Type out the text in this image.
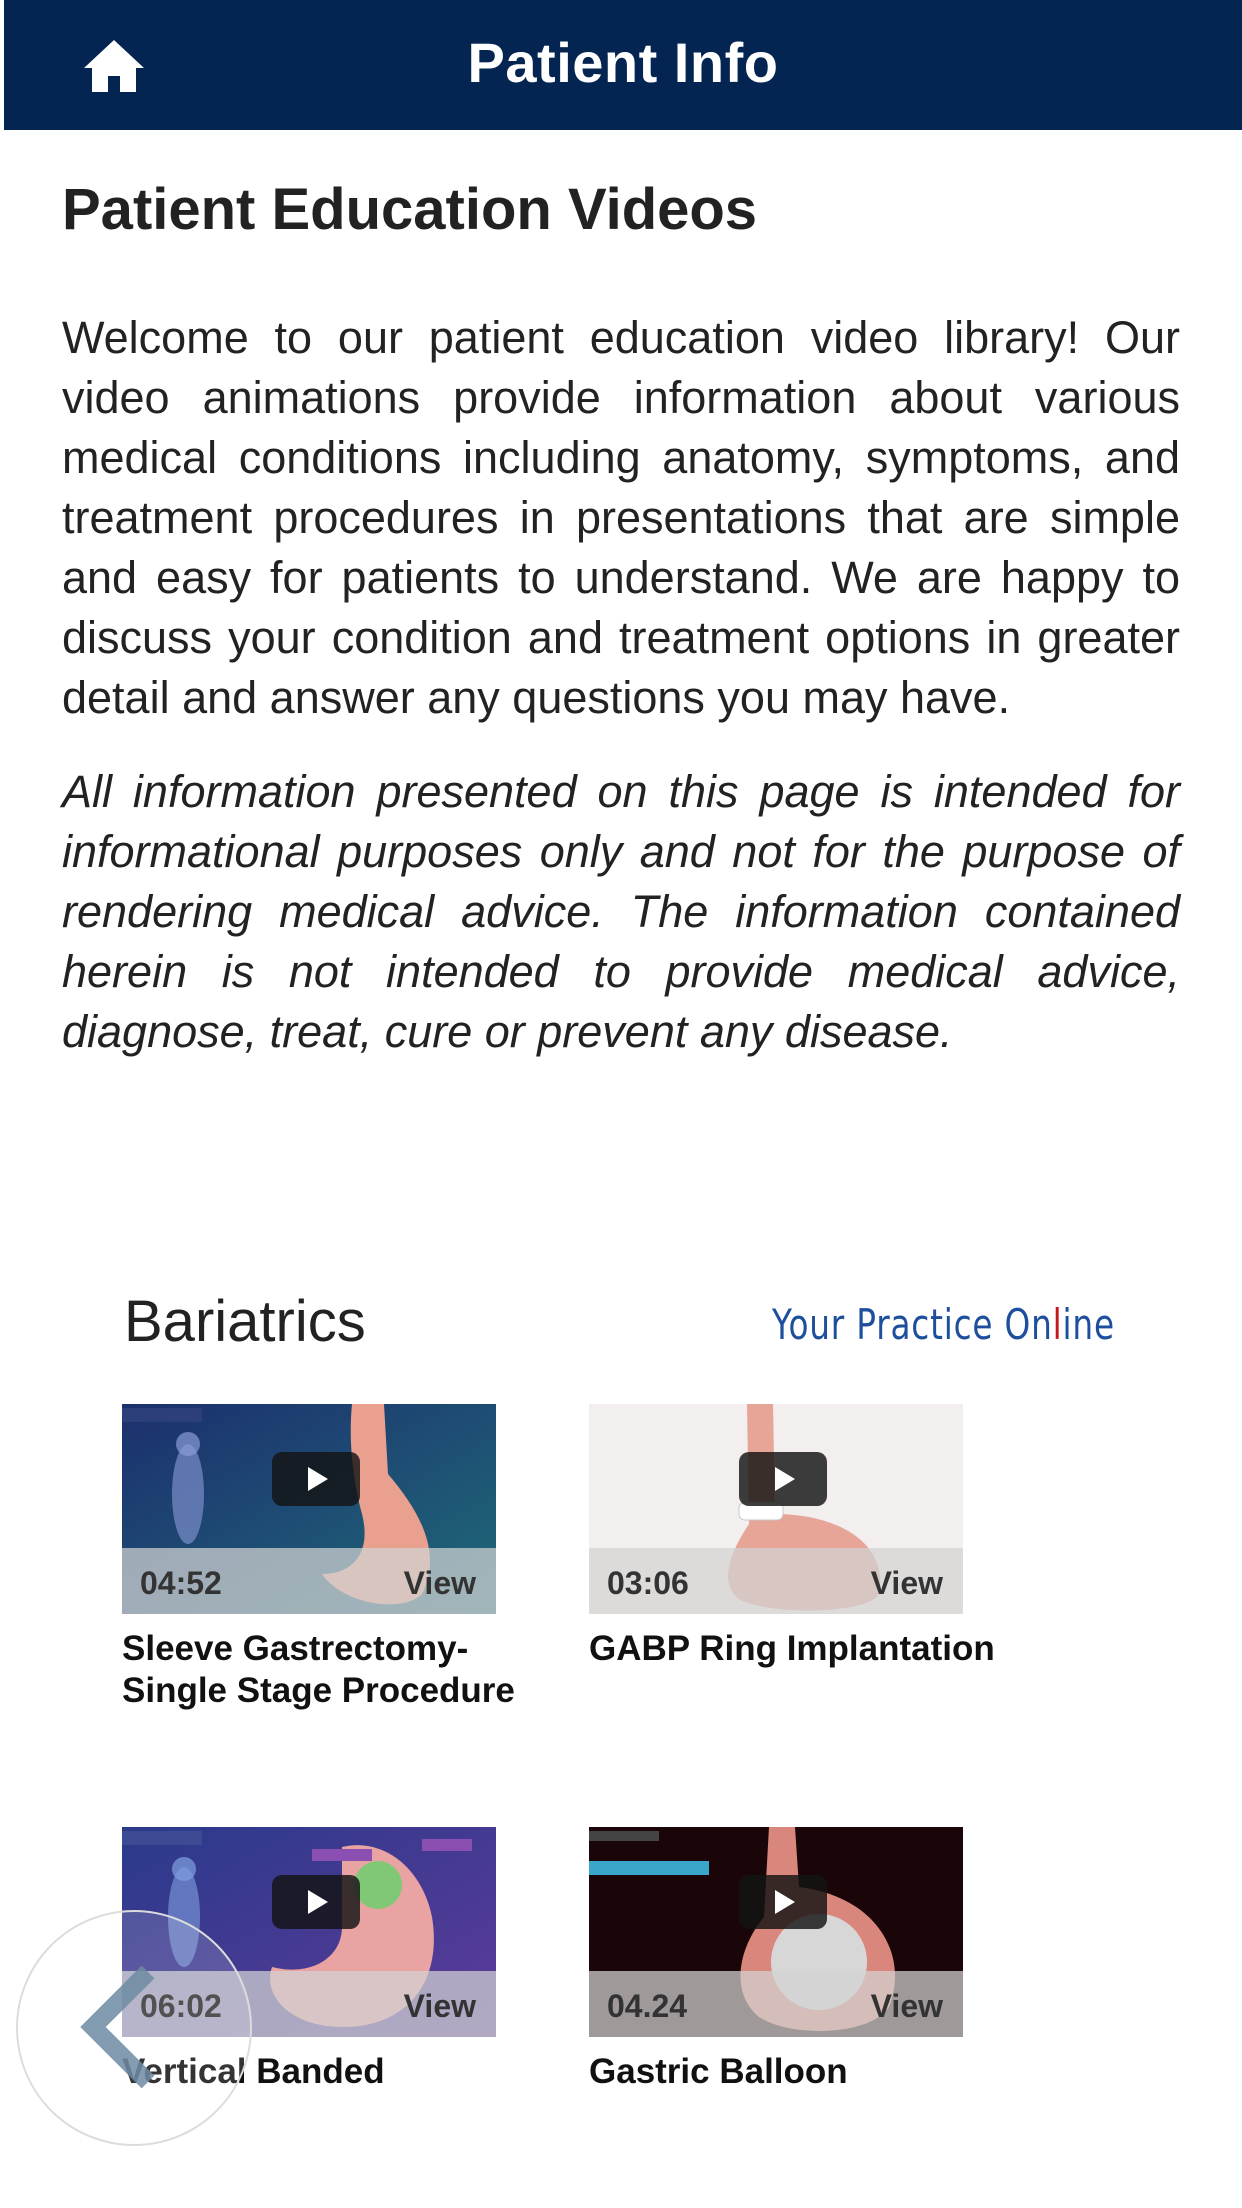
Patient Info
Patient Education Videos

Welcome to our patient education video library! Our video animations provide information about various medical conditions including anatomy, symptoms, and treatment procedures in presentations that are simple and easy for patients to understand. We are happy to discuss your condition and treatment options in greater detail and answer any questions you may have.

All information presented on this page is intended for informational purposes only and not for the purpose of rendering medical advice. The information contained herein is not intended to provide medical advice, diagnose, treat, cure or prevent any disease.

Bariatrics	Your Practice Online
04:52	View
Sleeve Gastrectomy-Single Stage Procedure
03:06	View
GABP Ring Implantation
06:02	View
Vertical Banded
04.24	View
Gastric Balloon
